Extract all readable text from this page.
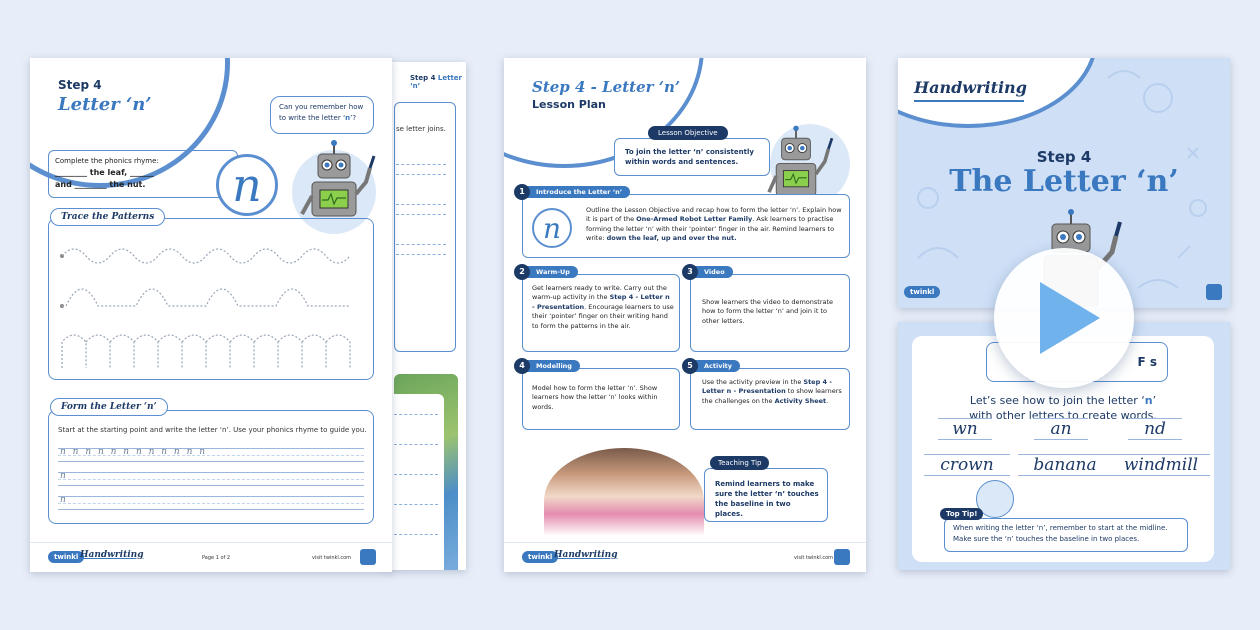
Step 4 Letter ‘n’
se letter joins.
Step 4
Letter ‘n’	Can you remember how to write the letter ‘n’?
Complete the phonics rhyme:
________ the leaf, ______
and ________ the nut.	n
Trace the Patterns
Form the Letter ‘n’
Start at the starting point and write the letter ‘n’. Use your phonics rhyme to guide you.
n n n n n n n n n n n n
n
n
twinkl Handwriting	Page 1 of 2	visit twinkl.com
Step 4 - Letter ‘n’
Lesson Plan
To join the letter ‘n’ consistently within words and sentences.
Lesson Objective
Introduce the Letter ‘n’
1
n
Outline the Lesson Objective and recap how to form the letter ‘n’. Explain how it is part of the One-Armed Robot Letter Family. Ask learners to practise forming the letter ‘n’ with their ‘pointer’ finger in the air. Remind learners to write: down the leaf, up and over the nut.
Warm-Up
2
Get learners ready to write. Carry out the warm-up activity in the Step 4 - Letter n - Presentation. Encourage learners to use their ‘pointer’ finger on their writing hand to form the patterns in the air.
Video
3
Show learners the video to demonstrate how to form the letter ‘n’ and join it to other letters.
Modelling
4
Model how to form the letter ‘n’. Show learners how the letter ‘n’ looks within words.
Activity
5
Use the activity preview in the Step 4 - Letter n - Presentation to show learners the challenges on the Activity Sheet.
Remind learners to make sure the letter ‘n’ touches the baseline in two places.
Teaching Tip
twinkl Handwriting	visit twinkl.com
Handwriting
Step 4
The Letter ‘n’
twinkl
F s
Let’s see how to join the letter ‘n’
with other letters to create words.
wn	an	nd
crown	banana	windmill
When writing the letter ‘n’, remember to start at the midline.
Make sure the ‘n’ touches the baseline in two places.
Top Tip!
